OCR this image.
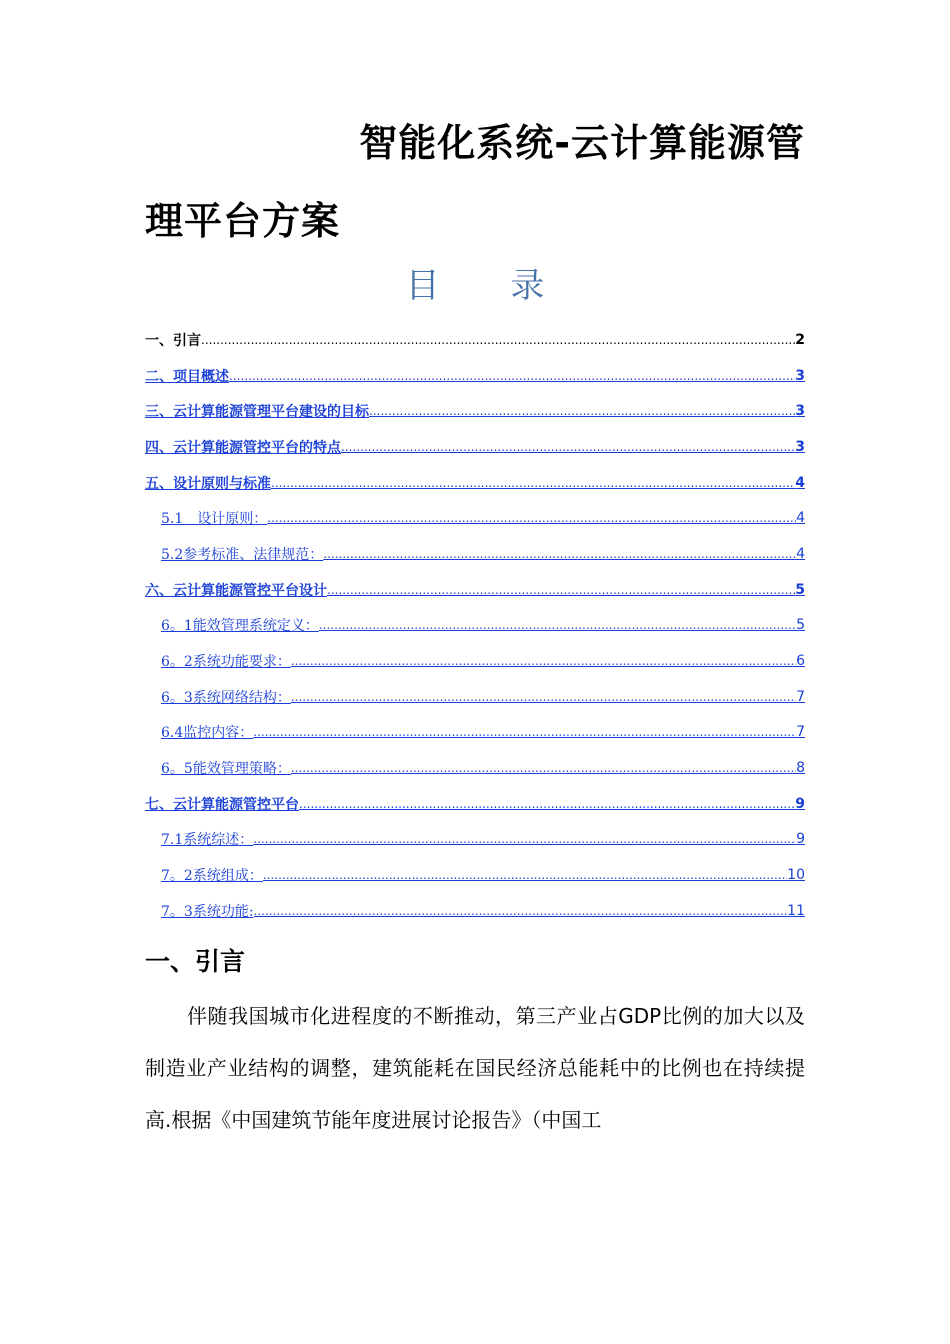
智能化系统-云计算能源管
理平台方案
目 录
一、引言 .....	2
二、项目概述 .....	3
三、云计算能源管理平台建设的目标 .....	3
四、云计算能源管控平台的特点 .....	3
五、设计原则与标准 .....	4
5.1　设计原则： .....	4
5.2参考标准、法律规范： .....	4
六、云计算能源管控平台设计 .....	5
6。1能效管理系统定义： .....	5
6。2系统功能要求： .....	6
6。3系统网络结构： .....	7
6.4监控内容： .....	7
6。5能效管理策略： .....	8
七、云计算能源管控平台 .....	9
7.1系统综述： .....	9
7。2系统组成： .....	10
7。3系统功能: .....	11
一、引言
伴随我国城市化进程度的不断推动，第三产业占GDP比例的加大以及制造业产业结构的调整，建筑能耗在国民经济总能耗中的比例也在持续提高.根据《中国建筑节能年度进展讨论报告》（中国工
